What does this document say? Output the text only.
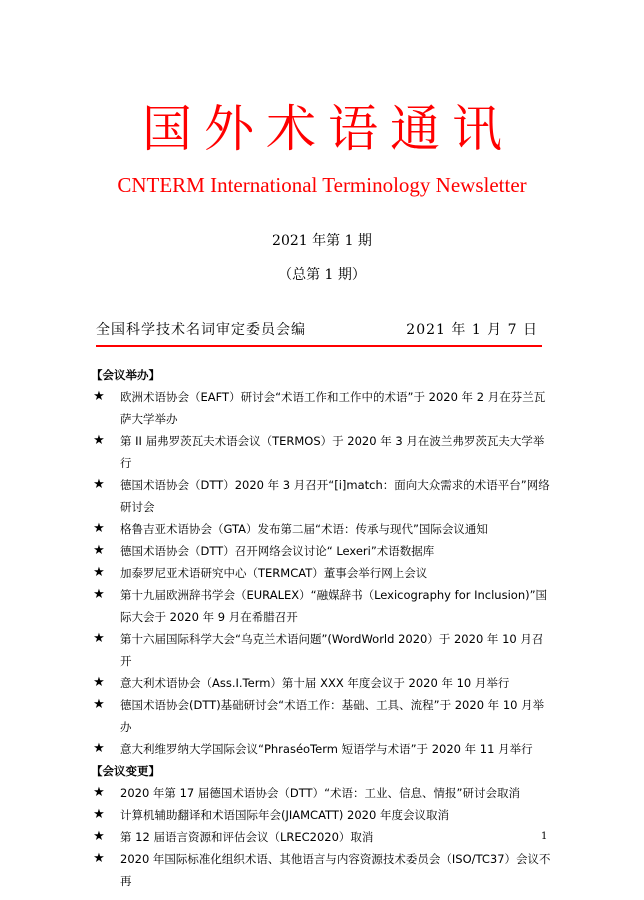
国外术语通讯
CNTERM International Terminology Newsletter
2021 年第 1 期
（总第 1 期）
全国科学技术名词审定委员会编	2021 年 1 月 7 日
【会议举办】
★ 欧洲术语协会（EAFT）研讨会“术语工作和工作中的术语”于 2020 年 2 月在芬兰瓦萨大学举办
★ 第 II 届弗罗茨瓦夫术语会议（TERMOS）于 2020 年 3 月在波兰弗罗茨瓦夫大学举行
★ 德国术语协会（DTT）2020 年 3 月召开“[i]match：面向大众需求的术语平台”网络研讨会
★ 格鲁吉亚术语协会（GTA）发布第二届“术语：传承与现代”国际会议通知
★ 德国术语协会（DTT）召开网络会议讨论“ Lexeri”术语数据库
★ 加泰罗尼亚术语研究中心（TERMCAT）董事会举行网上会议
★ 第十九届欧洲辞书学会（EURALEX）“融媒辞书（Lexicography for Inclusion)”国际大会于 2020 年 9 月在希腊召开
★ 第十六届国际科学大会“乌克兰术语问题”(WordWorld 2020）于 2020 年 10 月召开
★ 意大利术语协会（Ass.I.Term）第十届 XXX 年度会议于 2020 年 10 月举行
★ 德国术语协会(DTT)基础研讨会“术语工作：基础、工具、流程”于 2020 年 10 月举办
★ 意大利维罗纳大学国际会议“PhraséoTerm 短语学与术语”于 2020 年 11 月举行
【会议变更】
★ 2020 年第 17 届德国术语协会（DTT）“术语：工业、信息、情报”研讨会取消
★ 计算机辅助翻译和术语国际年会(JIAMCATT) 2020 年度会议取消
★ 第 12 届语言资源和评估会议（LREC2020）取消
★ 2020 年国际标准化组织术语、其他语言与内容资源技术委员会（ISO/TC37）会议不再
1
